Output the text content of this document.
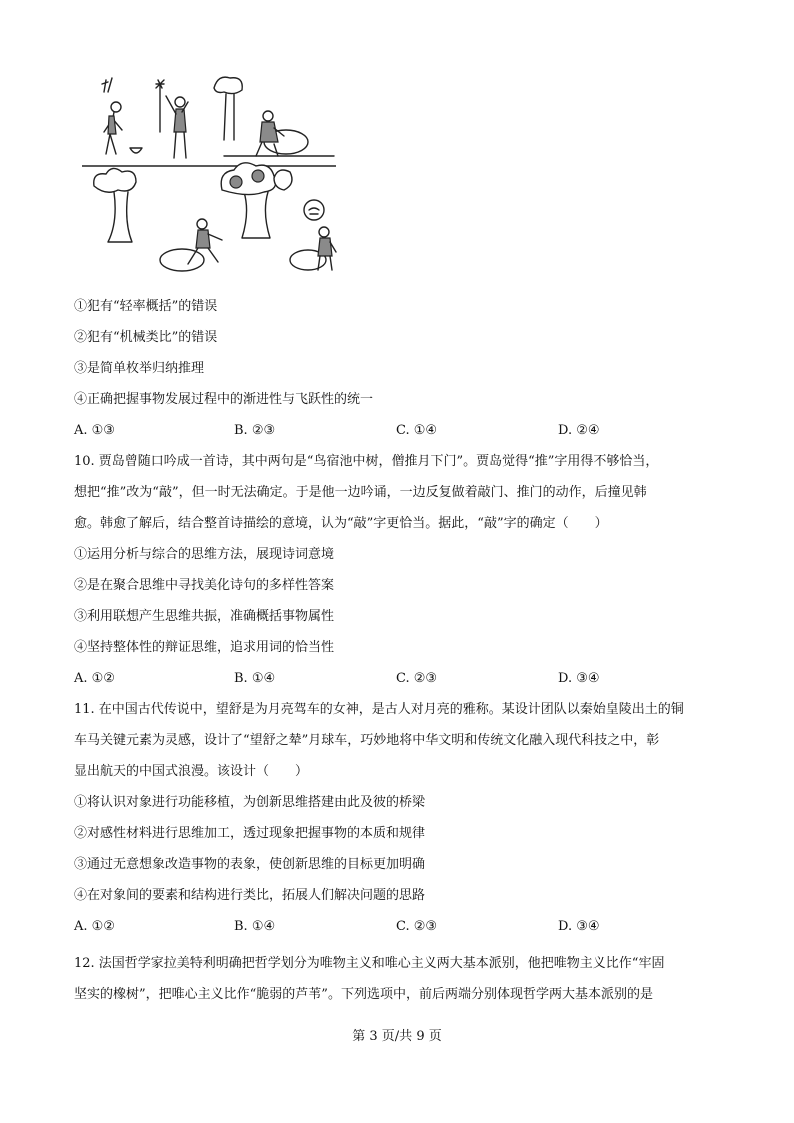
①犯有“轻率概括”的错误
②犯有“机械类比”的错误
③是简单枚举归纳推理
④正确把握事物发展过程中的渐进性与飞跃性的统一
A. ①③	B. ②③	C. ①④	D. ②④
10. 贾岛曾随口吟成一首诗，其中两句是“鸟宿池中树，僧推月下门”。贾岛觉得“推”字用得不够恰当，
想把“推”改为“敲”，但一时无法确定。于是他一边吟诵，一边反复做着敲门、推门的动作，后撞见韩
愈。韩愈了解后，结合整首诗描绘的意境，认为“敲”字更恰当。据此，“敲”字的确定（　　）
①运用分析与综合的思维方法，展现诗词意境
②是在聚合思维中寻找美化诗句的多样性答案
③利用联想产生思维共振，准确概括事物属性
④坚持整体性的辩证思维，追求用词的恰当性
A. ①②	B. ①④	C. ②③	D. ③④
11. 在中国古代传说中，望舒是为月亮驾车的女神，是古人对月亮的雅称。某设计团队以秦始皇陵出土的铜
车马关键元素为灵感，设计了“望舒之辇”月球车，巧妙地将中华文明和传统文化融入现代科技之中，彰
显出航天的中国式浪漫。该设计（　　）
①将认识对象进行功能移植，为创新思维搭建由此及彼的桥梁
②对感性材料进行思维加工，透过现象把握事物的本质和规律
③通过无意想象改造事物的表象，使创新思维的目标更加明确
④在对象间的要素和结构进行类比，拓展人们解决问题的思路
A. ①②	B. ①④	C. ②③	D. ③④
12. 法国哲学家拉美特利明确把哲学划分为唯物主义和唯心主义两大基本派别，他把唯物主义比作“牢固
坚实的橡树”，把唯心主义比作“脆弱的芦苇”。下列选项中，前后两端分别体现哲学两大基本派别的是
第 3 页/共 9 页
